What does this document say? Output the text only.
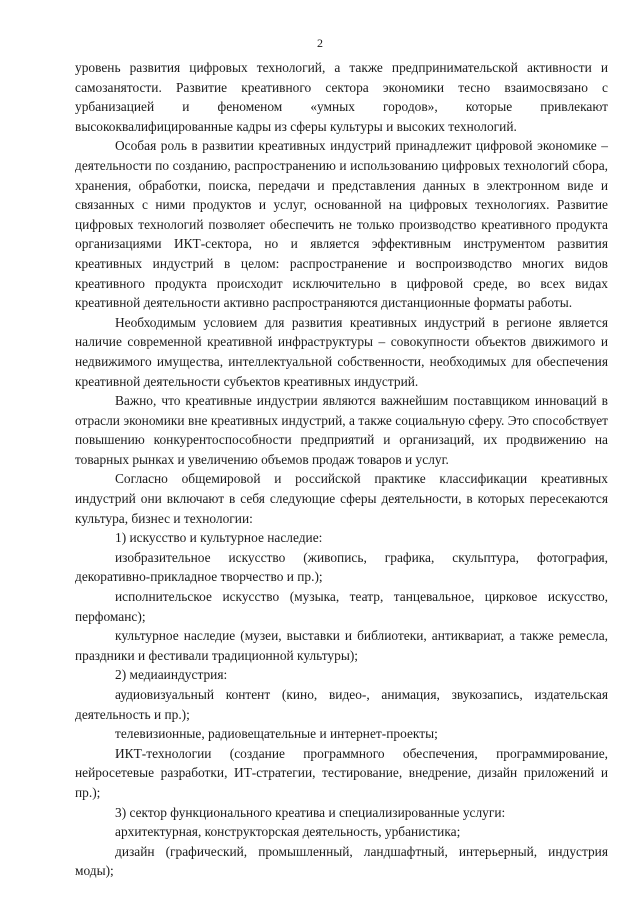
2

уровень развития цифровых технологий, а также предпринимательской активности и самозанятости. Развитие креативного сектора экономики тесно взаимосвязано с урбанизацией и феноменом «умных городов», которые привлекают высококвалифицированные кадры из сферы культуры и высоких технологий.

Особая роль в развитии креативных индустрий принадлежит цифровой экономике – деятельности по созданию, распространению и использованию цифровых технологий сбора, хранения, обработки, поиска, передачи и представления данных в электронном виде и связанных с ними продуктов и услуг, основанной на цифровых технологиях. Развитие цифровых технологий позволяет обеспечить не только производство креативного продукта организациями ИКТ-сектора, но и является эффективным инструментом развития креативных индустрий в целом: распространение и воспроизводство многих видов креативного продукта происходит исключительно в цифровой среде, во всех видах креативной деятельности активно распространяются дистанционные форматы работы.

Необходимым условием для развития креативных индустрий в регионе является наличие современной креативной инфраструктуры – совокупности объектов движимого и недвижимого имущества, интеллектуальной собственности, необходимых для обеспечения креативной деятельности субъектов креативных индустрий.

Важно, что креативные индустрии являются важнейшим поставщиком инноваций в отрасли экономики вне креативных индустрий, а также социальную сферу. Это способствует повышению конкурентоспособности предприятий и организаций, их продвижению на товарных рынках и увеличению объемов продаж товаров и услуг.

Согласно общемировой и российской практике классификации креативных индустрий они включают в себя следующие сферы деятельности, в которых пересекаются культура, бизнес и технологии:

1) искусство и культурное наследие:

изобразительное искусство (живопись, графика, скульптура, фотография, декоративно-прикладное творчество и пр.);

исполнительское искусство (музыка, театр, танцевальное, цирковое искусство, перфоманс);

культурное наследие (музеи, выставки и библиотеки, антиквариат, а также ремесла, праздники и фестивали традиционной культуры);

2) медиаиндустрия:

аудиовизуальный контент (кино, видео-, анимация, звукозапись, издательская деятельность и пр.);

телевизионные, радиовещательные и интернет-проекты;

ИКТ-технологии (создание программного обеспечения, программирование, нейросетевые разработки, ИТ-стратегии, тестирование, внедрение, дизайн приложений и пр.);

3) сектор функционального креатива и специализированные услуги:

архитектурная, конструкторская деятельность, урбанистика;

дизайн (графический, промышленный, ландшафтный, интерьерный, индустрия моды);
